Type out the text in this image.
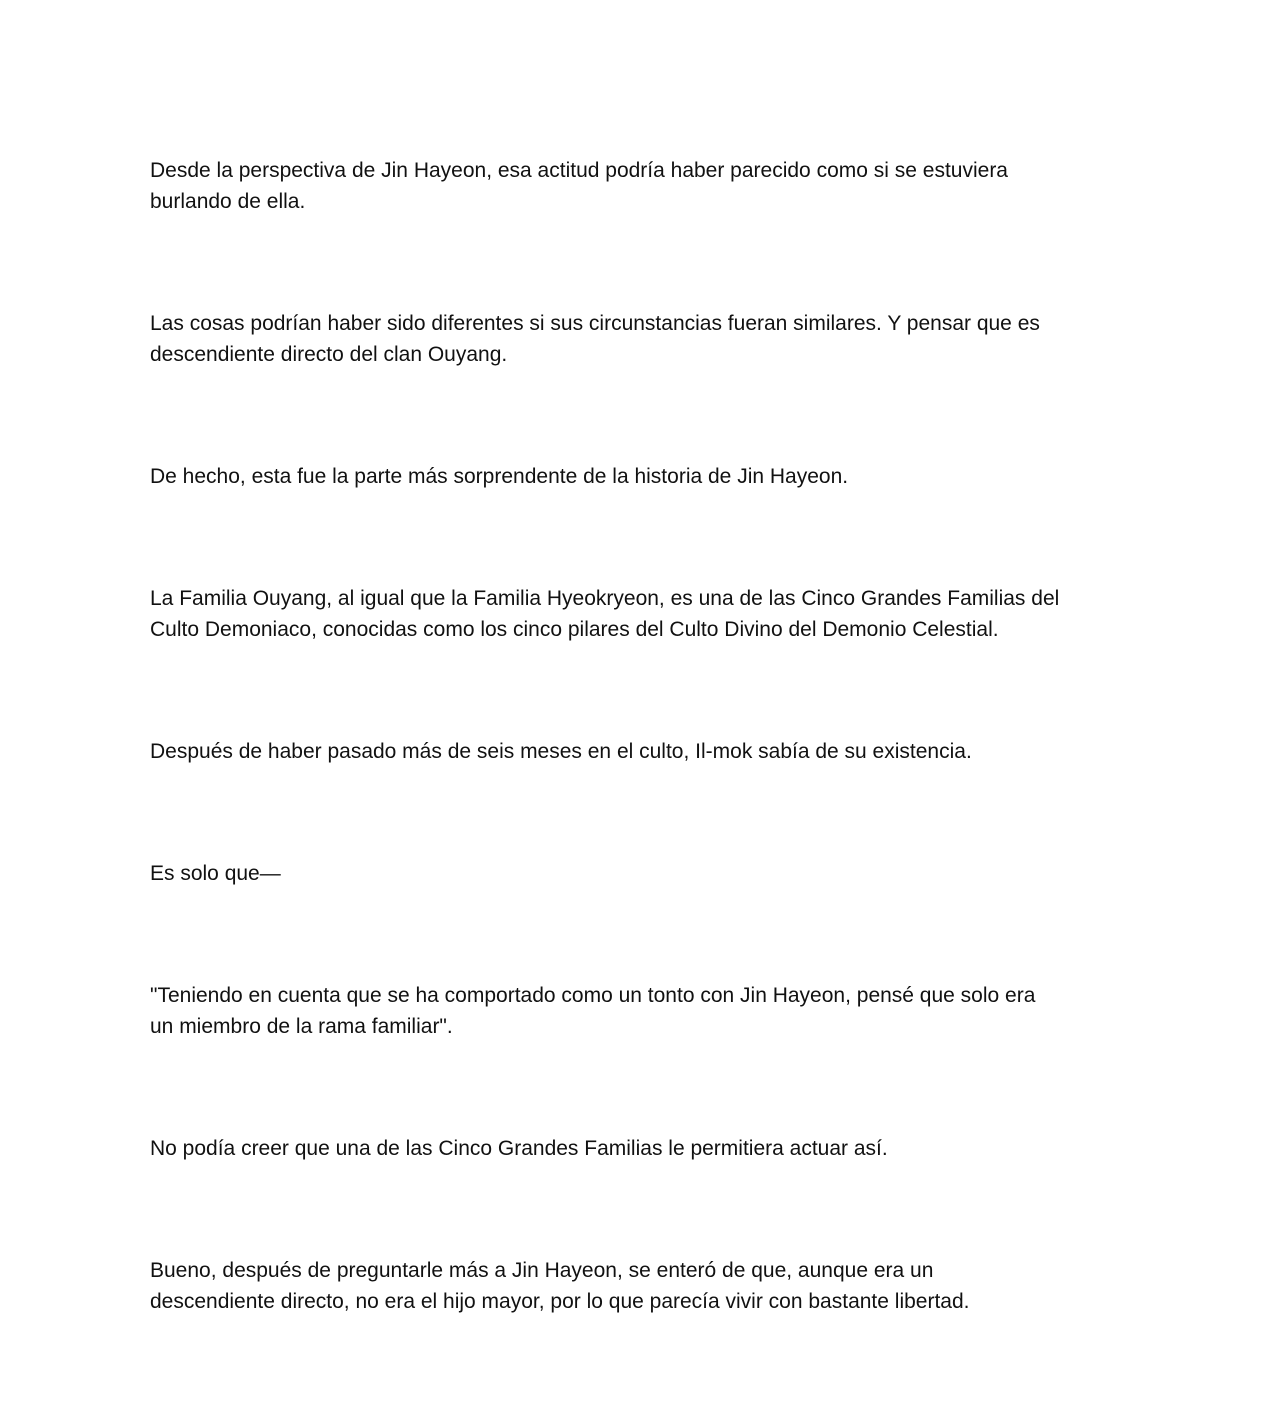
Desde la perspectiva de Jin Hayeon, esa actitud podría haber parecido como si se estuviera
burlando de ella.

Las cosas podrían haber sido diferentes si sus circunstancias fueran similares. Y pensar que es
descendiente directo del clan Ouyang.

De hecho, esta fue la parte más sorprendente de la historia de Jin Hayeon.

La Familia Ouyang, al igual que la Familia Hyeokryeon, es una de las Cinco Grandes Familias del
Culto Demoniaco, conocidas como los cinco pilares del Culto Divino del Demonio Celestial.

Después de haber pasado más de seis meses en el culto, Il-mok sabía de su existencia.

Es solo que—

"Teniendo en cuenta que se ha comportado como un tonto con Jin Hayeon, pensé que solo era
un miembro de la rama familiar".

No podía creer que una de las Cinco Grandes Familias le permitiera actuar así.

Bueno, después de preguntarle más a Jin Hayeon, se enteró de que, aunque era un
descendiente directo, no era el hijo mayor, por lo que parecía vivir con bastante libertad.
